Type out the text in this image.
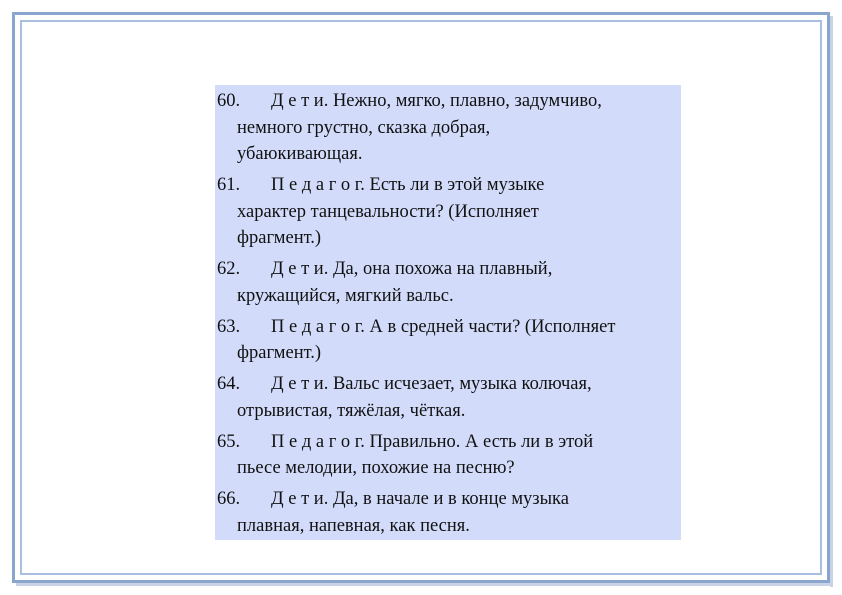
60. Д е т и. Нежно, мягко, плавно, задумчиво,
немного грустно, сказка добрая,
убаюкивающая.
61. П е д а г о г. Есть ли в этой музыке
характер танцевальности? (Исполняет
фрагмент.)
62. Д е т и. Да, она похожа на плавный,
кружащийся, мягкий вальс.
63. П е д а г о г. А в средней части? (Исполняет
фрагмент.)
64. Д е т и. Вальс исчезает, музыка колючая,
отрывистая, тяжёлая, чёткая.
65. П е д а г о г. Правильно. А есть ли в этой
пьесе мелодии, похожие на песню?
66. Д е т и. Да, в начале и в конце музыка
плавная, напевная, как песня.
